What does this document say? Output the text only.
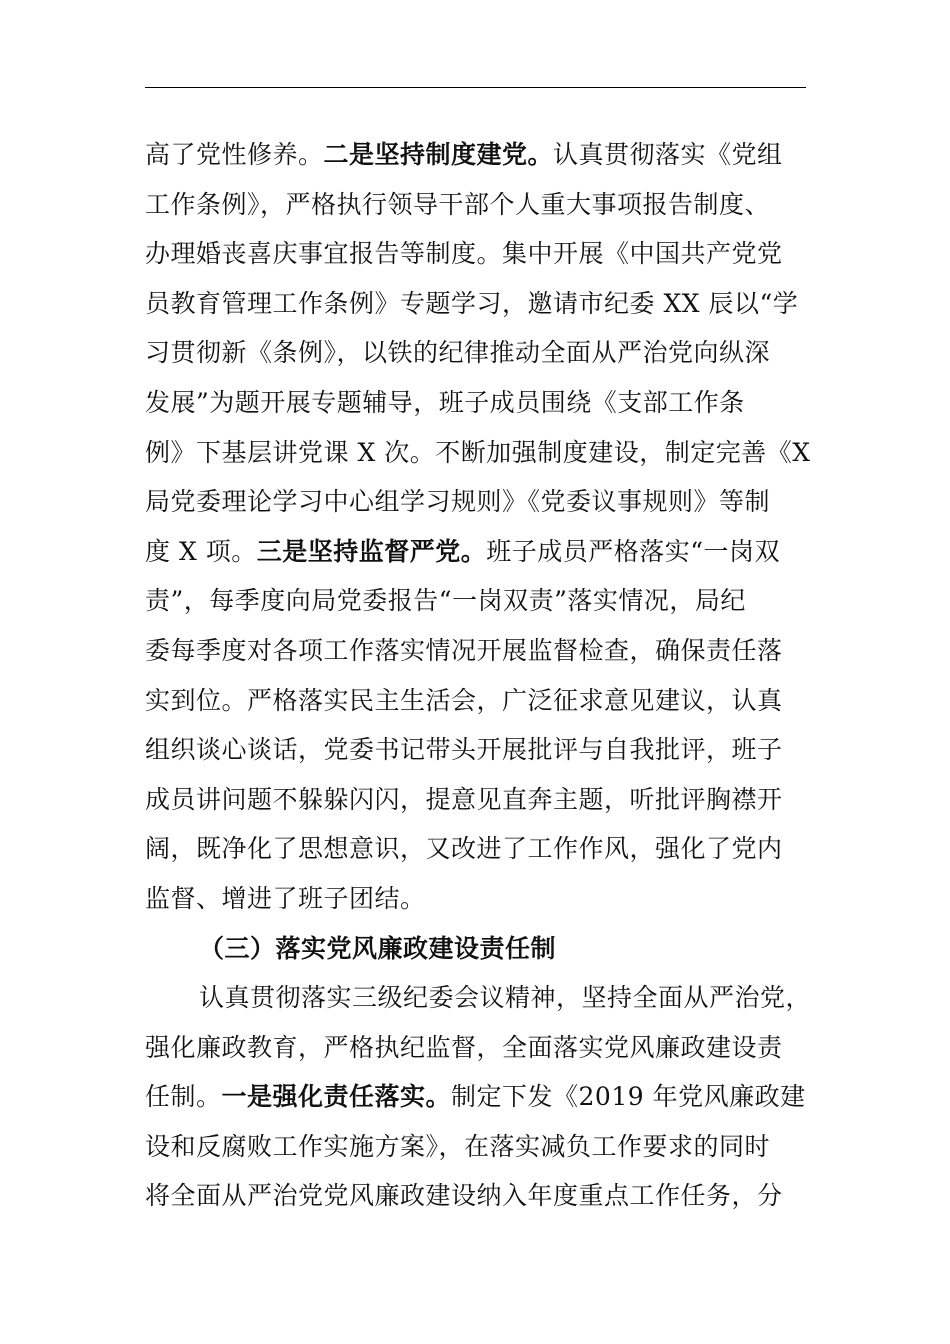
高了党性修养。二是坚持制度建党。认真贯彻落实《党组
工作条例》，严格执行领导干部个人重大事项报告制度、
办理婚丧喜庆事宜报告等制度。集中开展《中国共产党党
员教育管理工作条例》专题学习，邀请市纪委 XX 辰以“学
习贯彻新《条例》，以铁的纪律推动全面从严治党向纵深
发展”为题开展专题辅导，班子成员围绕《支部工作条
例》下基层讲党课 X 次。不断加强制度建设，制定完善《X
局党委理论学习中心组学习规则》《党委议事规则》等制
度 X 项。三是坚持监督严党。班子成员严格落实“一岗双
责”，每季度向局党委报告“一岗双责”落实情况，局纪
委每季度对各项工作落实情况开展监督检查，确保责任落
实到位。严格落实民主生活会，广泛征求意见建议，认真
组织谈心谈话，党委书记带头开展批评与自我批评，班子
成员讲问题不躲躲闪闪，提意见直奔主题，听批评胸襟开
阔，既净化了思想意识，又改进了工作作风，强化了党内
监督、增进了班子团结。
（三）落实党风廉政建设责任制
认真贯彻落实三级纪委会议精神，坚持全面从严治党，
强化廉政教育，严格执纪监督，全面落实党风廉政建设责
任制。一是强化责任落实。制定下发《2019 年党风廉政建
设和反腐败工作实施方案》，在落实减负工作要求的同时
将全面从严治党党风廉政建设纳入年度重点工作任务，分
